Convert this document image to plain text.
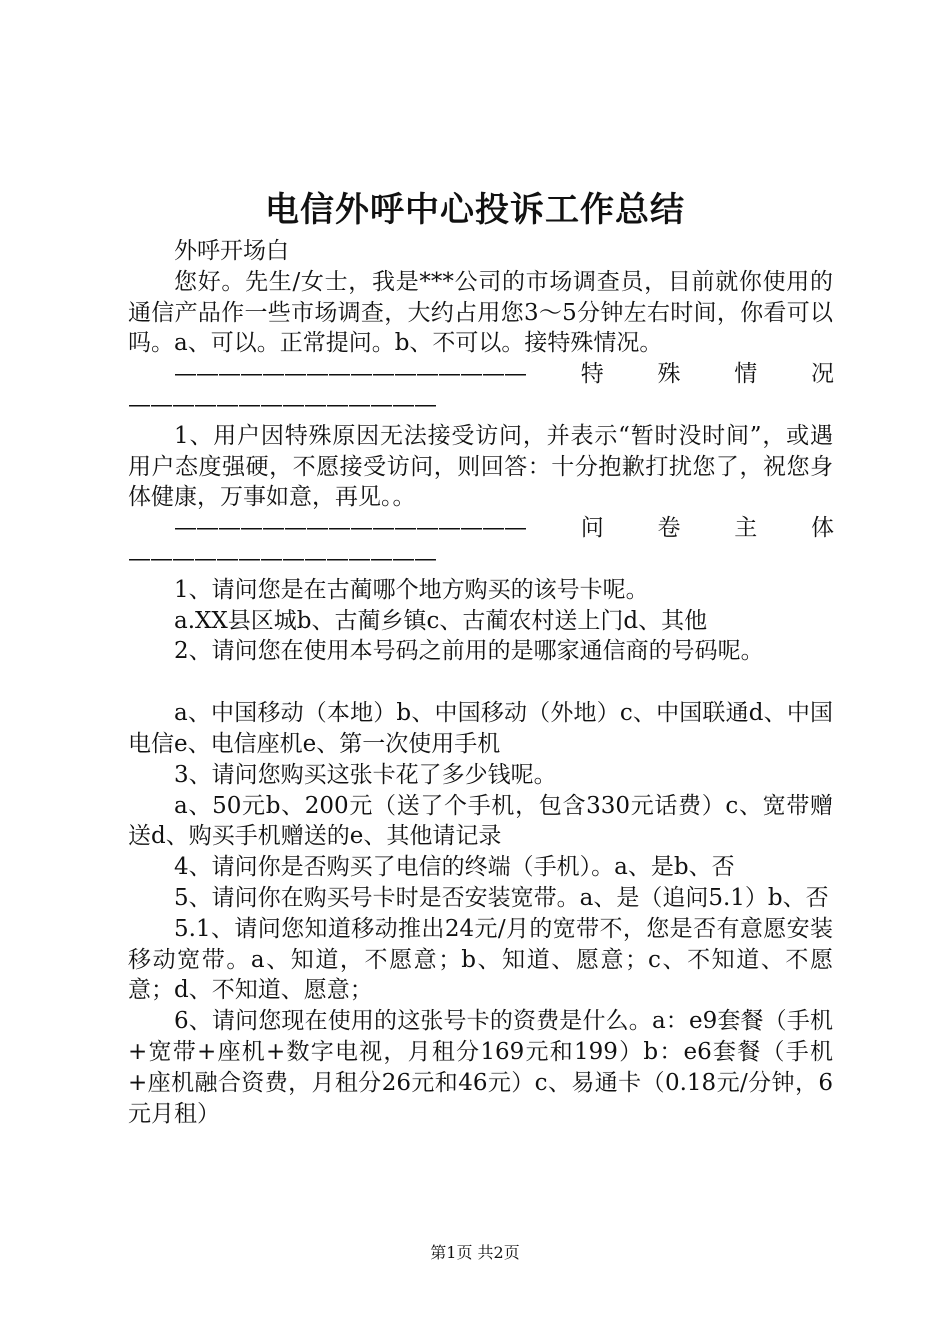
电信外呼中心投诉工作总结

外呼开场白

您好。先生/女士，我是***公司的市场调查员，目前就你使用的通信产品作一些市场调查，大约占用您3～5分钟左右时间，你看可以吗。a、可以。正常提问。b、不可以。接特殊情况。

————————————————特殊情况——————————————

1、用户因特殊原因无法接受访问，并表示“暂时没时间”，或遇用户态度强硬，不愿接受访问，则回答：十分抱歉打扰您了，祝您身体健康，万事如意，再见。。

————————————————问卷主体——————————————

1、请问您是在古蔺哪个地方购买的该号卡呢。

a.XX县区城b、古蔺乡镇c、古蔺农村送上门d、其他

2、请问您在使用本号码之前用的是哪家通信商的号码呢。

a、中国移动（本地）b、中国移动（外地）c、中国联通d、中国电信e、电信座机e、第一次使用手机

3、请问您购买这张卡花了多少钱呢。

a、50元b、200元（送了个手机，包含330元话费）c、宽带赠送d、购买手机赠送的e、其他请记录

4、请问你是否购买了电信的终端（手机）。a、是b、否

5、请问你在购买号卡时是否安装宽带。a、是（追问5.1）b、否

5.1、请问您知道移动推出24元/月的宽带不，您是否有意愿安装移动宽带。a、知道，不愿意；b、知道、愿意；c、不知道、不愿意；d、不知道、愿意；

6、请问您现在使用的这张号卡的资费是什么。a：e9套餐（手机+宽带+座机+数字电视，月租分169元和199）b：e6套餐（手机+座机融合资费，月租分26元和46元）c、易通卡（0.18元/分钟，6元月租）

第1页 共2页
